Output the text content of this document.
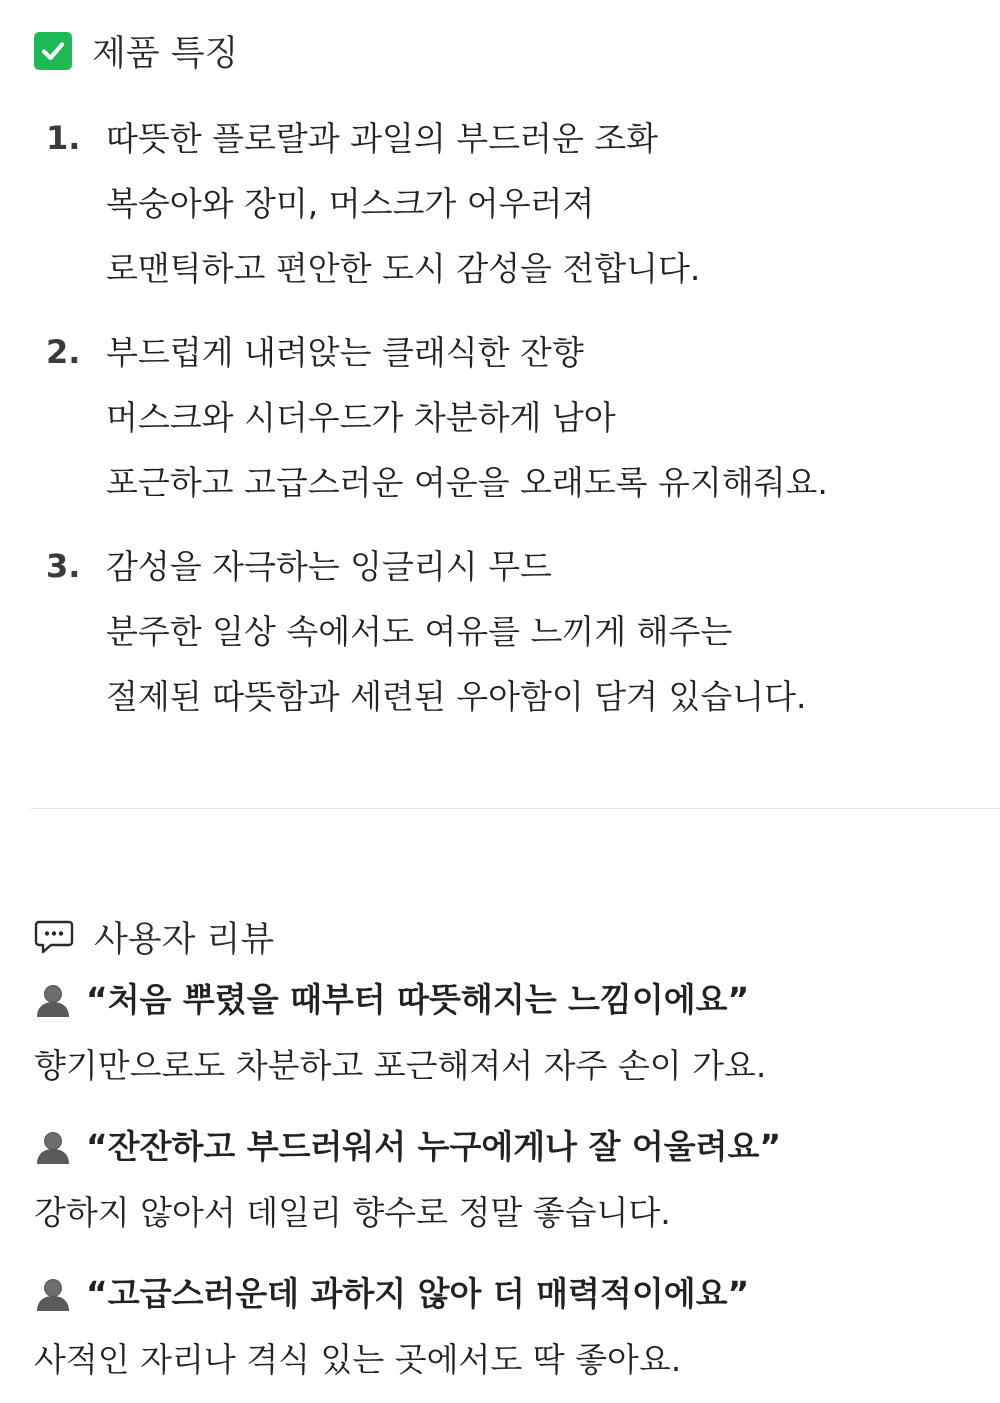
제품 특징
1. 따뜻한 플로랄과 과일의 부드러운 조화
복숭아와 장미, 머스크가 어우러져
로맨틱하고 편안한 도시 감성을 전합니다.
2. 부드럽게 내려앉는 클래식한 잔향
머스크와 시더우드가 차분하게 남아
포근하고 고급스러운 여운을 오래도록 유지해줘요.
3. 감성을 자극하는 잉글리시 무드
분주한 일상 속에서도 여유를 느끼게 해주는
절제된 따뜻함과 세련된 우아함이 담겨 있습니다.
사용자 리뷰
“처음 뿌렸을 때부터 따뜻해지는 느낌이에요”
향기만으로도 차분하고 포근해져서 자주 손이 가요.
“잔잔하고 부드러워서 누구에게나 잘 어울려요”
강하지 않아서 데일리 향수로 정말 좋습니다.
“고급스러운데 과하지 않아 더 매력적이에요”
사적인 자리나 격식 있는 곳에서도 딱 좋아요.
